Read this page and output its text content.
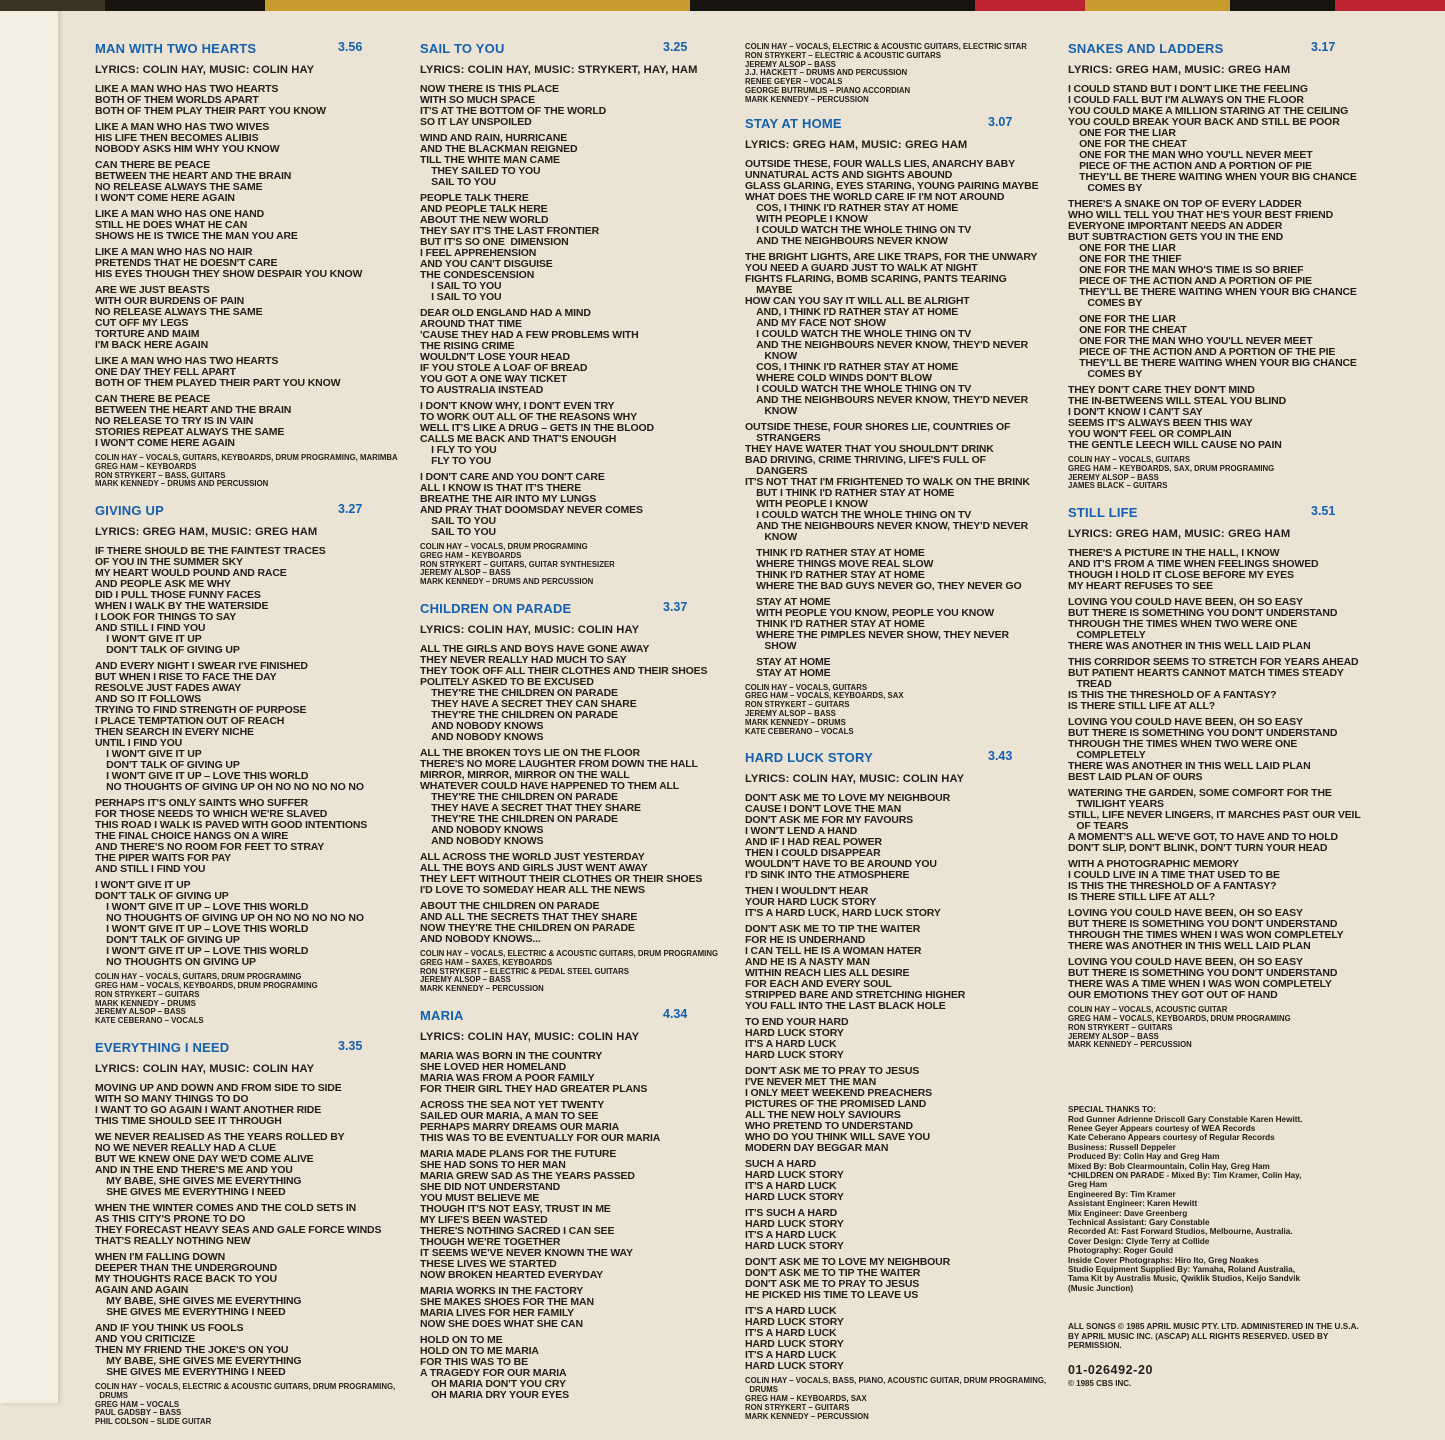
MAN WITH TWO HEARTS	3.56
LYRICS: COLIN HAY, MUSIC: COLIN HAY
LIKE A MAN WHO HAS TWO HEARTS
BOTH OF THEM WORLDS APART
BOTH OF THEM PLAY THEIR PART YOU KNOW
LIKE A MAN WHO HAS TWO WIVES
HIS LIFE THEN BECOMES ALIBIS
NOBODY ASKS HIM WHY YOU KNOW
CAN THERE BE PEACE
BETWEEN THE HEART AND THE BRAIN
NO RELEASE ALWAYS THE SAME
I WON'T COME HERE AGAIN
LIKE A MAN WHO HAS ONE HAND
STILL HE DOES WHAT HE CAN
SHOWS HE IS TWICE THE MAN YOU ARE
LIKE A MAN WHO HAS NO HAIR
PRETENDS THAT HE DOESN'T CARE
HIS EYES THOUGH THEY SHOW DESPAIR YOU KNOW
ARE WE JUST BEASTS
WITH OUR BURDENS OF PAIN
NO RELEASE ALWAYS THE SAME
CUT OFF MY LEGS
TORTURE AND MAIM
I'M BACK HERE AGAIN
LIKE A MAN WHO HAS TWO HEARTS
ONE DAY THEY FELL APART
BOTH OF THEM PLAYED THEIR PART YOU KNOW
CAN THERE BE PEACE
BETWEEN THE HEART AND THE BRAIN
NO RELEASE TO TRY IS IN VAIN
STORIES REPEAT ALWAYS THE SAME
I WON'T COME HERE AGAIN
COLIN HAY – VOCALS, GUITARS, KEYBOARDS, DRUM PROGRAMING, MARIMBA
GREG HAM – KEYBOARDS
RON STRYKERT – BASS, GUITARS
MARK KENNEDY – DRUMS AND PERCUSSION
GIVING UP	3.27
LYRICS: GREG HAM, MUSIC: GREG HAM
IF THERE SHOULD BE THE FAINTEST TRACES
OF YOU IN THE SUMMER SKY
MY HEART WOULD POUND AND RACE
AND PEOPLE ASK ME WHY
DID I PULL THOSE FUNNY FACES
WHEN I WALK BY THE WATERSIDE
I LOOK FOR THINGS TO SAY
AND STILL I FIND YOU
I WON'T GIVE IT UP
DON'T TALK OF GIVING UP
AND EVERY NIGHT I SWEAR I'VE FINISHED
BUT WHEN I RISE TO FACE THE DAY
RESOLVE JUST FADES AWAY
AND SO IT FOLLOWS
TRYING TO FIND STRENGTH OF PURPOSE
I PLACE TEMPTATION OUT OF REACH
THEN SEARCH IN EVERY NICHE
UNTIL I FIND YOU
I WON'T GIVE IT UP
DON'T TALK OF GIVING UP
I WON'T GIVE IT UP – LOVE THIS WORLD
NO THOUGHTS OF GIVING UP OH NO NO NO NO NO
PERHAPS IT'S ONLY SAINTS WHO SUFFER
FOR THOSE NEEDS TO WHICH WE'RE SLAVED
THIS ROAD I WALK IS PAVED WITH GOOD INTENTIONS
THE FINAL CHOICE HANGS ON A WIRE
AND THERE'S NO ROOM FOR FEET TO STRAY
THE PIPER WAITS FOR PAY
AND STILL I FIND YOU
I WON'T GIVE IT UP
DON'T TALK OF GIVING UP
I WON'T GIVE IT UP – LOVE THIS WORLD
NO THOUGHTS OF GIVING UP OH NO NO NO NO NO
I WON'T GIVE IT UP – LOVE THIS WORLD
DON'T TALK OF GIVING UP
I WON'T GIVE IT UP – LOVE THIS WORLD
NO THOUGHTS ON GIVING UP
COLIN HAY – VOCALS, GUITARS, DRUM PROGRAMING
GREG HAM – VOCALS, KEYBOARDS, DRUM PROGRAMING
RON STRYKERT – GUITARS
MARK KENNEDY – DRUMS
JEREMY ALSOP – BASS
KATE CEBERANO – VOCALS
EVERYTHING I NEED	3.35
LYRICS: COLIN HAY, MUSIC: COLIN HAY
MOVING UP AND DOWN AND FROM SIDE TO SIDE
WITH SO MANY THINGS TO DO
I WANT TO GO AGAIN I WANT ANOTHER RIDE
THIS TIME SHOULD SEE IT THROUGH
WE NEVER REALISED AS THE YEARS ROLLED BY
NO WE NEVER REALLY HAD A CLUE
BUT WE KNEW ONE DAY WE'D COME ALIVE
AND IN THE END THERE'S ME AND YOU
MY BABE, SHE GIVES ME EVERYTHING
SHE GIVES ME EVERYTHING I NEED
WHEN THE WINTER COMES AND THE COLD SETS IN
AS THIS CITY'S PRONE TO DO
THEY FORECAST HEAVY SEAS AND GALE FORCE WINDS
THAT'S REALLY NOTHING NEW
WHEN I'M FALLING DOWN
DEEPER THAN THE UNDERGROUND
MY THOUGHTS RACE BACK TO YOU
AGAIN AND AGAIN
MY BABE, SHE GIVES ME EVERYTHING
SHE GIVES ME EVERYTHING I NEED
AND IF YOU THINK US FOOLS
AND YOU CRITICIZE
THEN MY FRIEND THE JOKE'S ON YOU
MY BABE, SHE GIVES ME EVERYTHING
SHE GIVES ME EVERYTHING I NEED
COLIN HAY – VOCALS, ELECTRIC & ACOUSTIC GUITARS, DRUM PROGRAMING,
DRUMS
GREG HAM – VOCALS
PAUL GADSBY – BASS
PHIL COLSON – SLIDE GUITAR
SAIL TO YOU	3.25
LYRICS: COLIN HAY, MUSIC: STRYKERT, HAY, HAM
NOW THERE IS THIS PLACE
WITH SO MUCH SPACE
IT'S AT THE BOTTOM OF THE WORLD
SO IT LAY UNSPOILED
WIND AND RAIN, HURRICANE
AND THE BLACKMAN REIGNED
TILL THE WHITE MAN CAME
THEY SAILED TO YOU
SAIL TO YOU
PEOPLE TALK THERE
AND PEOPLE TALK HERE
ABOUT THE NEW WORLD
THEY SAY IT'S THE LAST FRONTIER
BUT IT'S SO ONE  DIMENSION
I FEEL APPREHENSION
AND YOU CAN'T DISGUISE
THE CONDESCENSION
I SAIL TO YOU
I SAIL TO YOU
DEAR OLD ENGLAND HAD A MIND
AROUND THAT TIME
'CAUSE THEY HAD A FEW PROBLEMS WITH
THE RISING CRIME
WOULDN'T LOSE YOUR HEAD
IF YOU STOLE A LOAF OF BREAD
YOU GOT A ONE WAY TICKET
TO AUSTRALIA INSTEAD
I DON'T KNOW WHY, I DON'T EVEN TRY
TO WORK OUT ALL OF THE REASONS WHY
WELL IT'S LIKE A DRUG – GETS IN THE BLOOD
CALLS ME BACK AND THAT'S ENOUGH
I FLY TO YOU
FLY TO YOU
I DON'T CARE AND YOU DON'T CARE
ALL I KNOW IS THAT IT'S THERE
BREATHE THE AIR INTO MY LUNGS
AND PRAY THAT DOOMSDAY NEVER COMES
SAIL TO YOU
SAIL TO YOU
COLIN HAY – VOCALS, DRUM PROGRAMING
GREG HAM – KEYBOARDS
RON STRYKERT – GUITARS, GUITAR SYNTHESIZER
JEREMY ALSOP – BASS
MARK KENNEDY – DRUMS AND PERCUSSION
CHILDREN ON PARADE	3.37
LYRICS: COLIN HAY, MUSIC: COLIN HAY
ALL THE GIRLS AND BOYS HAVE GONE AWAY
THEY NEVER REALLY HAD MUCH TO SAY
THEY TOOK OFF ALL THEIR CLOTHES AND THEIR SHOES
POLITELY ASKED TO BE EXCUSED
THEY'RE THE CHILDREN ON PARADE
THEY HAVE A SECRET THEY CAN SHARE
THEY'RE THE CHILDREN ON PARADE
AND NOBODY KNOWS
AND NOBODY KNOWS
ALL THE BROKEN TOYS LIE ON THE FLOOR
THERE'S NO MORE LAUGHTER FROM DOWN THE HALL
MIRROR, MIRROR, MIRROR ON THE WALL
WHATEVER COULD HAVE HAPPENED TO THEM ALL
THEY'RE THE CHILDREN ON PARADE
THEY HAVE A SECRET THAT THEY SHARE
THEY'RE THE CHILDREN ON PARADE
AND NOBODY KNOWS
AND NOBODY KNOWS
ALL ACROSS THE WORLD JUST YESTERDAY
ALL THE BOYS AND GIRLS JUST WENT AWAY
THEY LEFT WITHOUT THEIR CLOTHES OR THEIR SHOES
I'D LOVE TO SOMEDAY HEAR ALL THE NEWS
ABOUT THE CHILDREN ON PARADE
AND ALL THE SECRETS THAT THEY SHARE
NOW THEY'RE THE CHILDREN ON PARADE
AND NOBODY KNOWS...
COLIN HAY – VOCALS, ELECTRIC & ACOUSTIC GUITARS, DRUM PROGRAMING
GREG HAM – SAXES, KEYBOARDS
RON STRYKERT – ELECTRIC & PEDAL STEEL GUITARS
JEREMY ALSOP – BASS
MARK KENNEDY – PERCUSSION
MARIA	4.34
LYRICS: COLIN HAY, MUSIC: COLIN HAY
MARIA WAS BORN IN THE COUNTRY
SHE LOVED HER HOMELAND
MARIA WAS FROM A POOR FAMILY
FOR THEIR GIRL THEY HAD GREATER PLANS
ACROSS THE SEA NOT YET TWENTY
SAILED OUR MARIA, A MAN TO SEE
PERHAPS MARRY DREAMS OUR MARIA
THIS WAS TO BE EVENTUALLY FOR OUR MARIA
MARIA MADE PLANS FOR THE FUTURE
SHE HAD SONS TO HER MAN
MARIA GREW SAD AS THE YEARS PASSED
SHE DID NOT UNDERSTAND
YOU MUST BELIEVE ME
THOUGH IT'S NOT EASY, TRUST IN ME
MY LIFE'S BEEN WASTED
THERE'S NOTHING SACRED I CAN SEE
THOUGH WE'RE TOGETHER
IT SEEMS WE'VE NEVER KNOWN THE WAY
THESE LIVES WE STARTED
NOW BROKEN HEARTED EVERYDAY
MARIA WORKS IN THE FACTORY
SHE MAKES SHOES FOR THE MAN
MARIA LIVES FOR HER FAMILY
NOW SHE DOES WHAT SHE CAN
HOLD ON TO ME
HOLD ON TO ME MARIA
FOR THIS WAS TO BE
A TRAGEDY FOR OUR MARIA
OH MARIA DON'T YOU CRY
OH MARIA DRY YOUR EYES
COLIN HAY – VOCALS, ELECTRIC & ACOUSTIC GUITARS, ELECTRIC SITAR
RON STRYKERT – ELECTRIC & ACOUSTIC GUITARS
JEREMY ALSOP – BASS
J.J. HACKETT – DRUMS AND PERCUSSION
RENEE GEYER – VOCALS
GEORGE BUTRUMLIS – PIANO ACCORDIAN
MARK KENNEDY – PERCUSSION
STAY AT HOME	3.07
LYRICS: GREG HAM, MUSIC: GREG HAM
OUTSIDE THESE, FOUR WALLS LIES, ANARCHY BABY
UNNATURAL ACTS AND SIGHTS ABOUND
GLASS GLARING, EYES STARING, YOUNG PAIRING MAYBE
WHAT DOES THE WORLD CARE IF I'M NOT AROUND
COS, I THINK I'D RATHER STAY AT HOME
WITH PEOPLE I KNOW
I COULD WATCH THE WHOLE THING ON TV
AND THE NEIGHBOURS NEVER KNOW
THE BRIGHT LIGHTS, ARE LIKE TRAPS, FOR THE UNWARY
YOU NEED A GUARD JUST TO WALK AT NIGHT
FIGHTS FLARING, BOMB SCARING, PANTS TEARING
MAYBE
HOW CAN YOU SAY IT WILL ALL BE ALRIGHT
AND, I THINK I'D RATHER STAY AT HOME
AND MY FACE NOT SHOW
I COULD WATCH THE WHOLE THING ON TV
AND THE NEIGHBOURS NEVER KNOW, THEY'D NEVER
KNOW
COS, I THINK I'D RATHER STAY AT HOME
WHERE COLD WINDS DON'T BLOW
I COULD WATCH THE WHOLE THING ON TV
AND THE NEIGHBOURS NEVER KNOW, THEY'D NEVER
KNOW
OUTSIDE THESE, FOUR SHORES LIE, COUNTRIES OF
STRANGERS
THEY HAVE WATER THAT YOU SHOULDN'T DRINK
BAD DRIVING, CRIME THRIVING, LIFE'S FULL OF
DANGERS
IT'S NOT THAT I'M FRIGHTENED TO WALK ON THE BRINK
BUT I THINK I'D RATHER STAY AT HOME
WITH PEOPLE I KNOW
I COULD WATCH THE WHOLE THING ON TV
AND THE NEIGHBOURS NEVER KNOW, THEY'D NEVER
KNOW
THINK I'D RATHER STAY AT HOME
WHERE THINGS MOVE REAL SLOW
THINK I'D RATHER STAY AT HOME
WHERE THE BAD GUYS NEVER GO, THEY NEVER GO
STAY AT HOME
WITH PEOPLE YOU KNOW, PEOPLE YOU KNOW
THINK I'D RATHER STAY AT HOME
WHERE THE PIMPLES NEVER SHOW, THEY NEVER
SHOW
STAY AT HOME
STAY AT HOME
COLIN HAY – VOCALS, GUITARS
GREG HAM – VOCALS, KEYBOARDS, SAX
RON STRYKERT – GUITARS
JEREMY ALSOP – BASS
MARK KENNEDY – DRUMS
KATE CEBERANO – VOCALS
HARD LUCK STORY	3.43
LYRICS: COLIN HAY, MUSIC: COLIN HAY
DON'T ASK ME TO LOVE MY NEIGHBOUR
CAUSE I DON'T LOVE THE MAN
DON'T ASK ME FOR MY FAVOURS
I WON'T LEND A HAND
AND IF I HAD REAL POWER
THEN I COULD DISAPPEAR
WOULDN'T HAVE TO BE AROUND YOU
I'D SINK INTO THE ATMOSPHERE
THEN I WOULDN'T HEAR
YOUR HARD LUCK STORY
IT'S A HARD LUCK, HARD LUCK STORY
DON'T ASK ME TO TIP THE WAITER
FOR HE IS UNDERHAND
I CAN TELL HE IS A WOMAN HATER
AND HE IS A NASTY MAN
WITHIN REACH LIES ALL DESIRE
FOR EACH AND EVERY SOUL
STRIPPED BARE AND STRETCHING HIGHER
YOU FALL INTO THE LAST BLACK HOLE
TO END YOUR HARD
HARD LUCK STORY
IT'S A HARD LUCK
HARD LUCK STORY
DON'T ASK ME TO PRAY TO JESUS
I'VE NEVER MET THE MAN
I ONLY MEET WEEKEND PREACHERS
PICTURES OF THE PROMISED LAND
ALL THE NEW HOLY SAVIOURS
WHO PRETEND TO UNDERSTAND
WHO DO YOU THINK WILL SAVE YOU
MODERN DAY BEGGAR MAN
SUCH A HARD
HARD LUCK STORY
IT'S A HARD LUCK
HARD LUCK STORY
IT'S SUCH A HARD
HARD LUCK STORY
IT'S A HARD LUCK
HARD LUCK STORY
DON'T ASK ME TO LOVE MY NEIGHBOUR
DON'T ASK ME TO TIP THE WAITER
DON'T ASK ME TO PRAY TO JESUS
HE PICKED HIS TIME TO LEAVE US
IT'S A HARD LUCK
HARD LUCK STORY
IT'S A HARD LUCK
HARD LUCK STORY
IT'S A HARD LUCK
HARD LUCK STORY
COLIN HAY – VOCALS, BASS, PIANO, ACOUSTIC GUITAR, DRUM PROGRAMING,
DRUMS
GREG HAM – KEYBOARDS, SAX
RON STRYKERT – GUITARS
MARK KENNEDY – PERCUSSION
SNAKES AND LADDERS	3.17
LYRICS: GREG HAM, MUSIC: GREG HAM
I COULD STAND BUT I DON'T LIKE THE FEELING
I COULD FALL BUT I'M ALWAYS ON THE FLOOR
YOU COULD MAKE A MILLION STARING AT THE CEILING
YOU COULD BREAK YOUR BACK AND STILL BE POOR
ONE FOR THE LIAR
ONE FOR THE CHEAT
ONE FOR THE MAN WHO YOU'LL NEVER MEET
PIECE OF THE ACTION AND A PORTION OF PIE
THEY'LL BE THERE WAITING WHEN YOUR BIG CHANCE
COMES BY
THERE'S A SNAKE ON TOP OF EVERY LADDER
WHO WILL TELL YOU THAT HE'S YOUR BEST FRIEND
EVERYONE IMPORTANT NEEDS AN ADDER
BUT SUBTRACTION GETS YOU IN THE END
ONE FOR THE LIAR
ONE FOR THE THIEF
ONE FOR THE MAN WHO'S TIME IS SO BRIEF
PIECE OF THE ACTION AND A PORTION OF PIE
THEY'LL BE THERE WAITING WHEN YOUR BIG CHANCE
COMES BY
ONE FOR THE LIAR
ONE FOR THE CHEAT
ONE FOR THE MAN WHO YOU'LL NEVER MEET
PIECE OF THE ACTION AND A PORTION OF THE PIE
THEY'LL BE THERE WAITING WHEN YOUR BIG CHANCE
COMES BY
THEY DON'T CARE THEY DON'T MIND
THE IN-BETWEENS WILL STEAL YOU BLIND
I DON'T KNOW I CAN'T SAY
SEEMS IT'S ALWAYS BEEN THIS WAY
YOU WON'T FEEL OR COMPLAIN
THE GENTLE LEECH WILL CAUSE NO PAIN
COLIN HAY – VOCALS, GUITARS
GREG HAM – KEYBOARDS, SAX, DRUM PROGRAMING
JEREMY ALSOP – BASS
JAMES BLACK – GUITARS
STILL LIFE	3.51
LYRICS: GREG HAM, MUSIC: GREG HAM
THERE'S A PICTURE IN THE HALL, I KNOW
AND IT'S FROM A TIME WHEN FEELINGS SHOWED
THOUGH I HOLD IT CLOSE BEFORE MY EYES
MY HEART REFUSES TO SEE
LOVING YOU COULD HAVE BEEN, OH SO EASY
BUT THERE IS SOMETHING YOU DON'T UNDERSTAND
THROUGH THE TIMES WHEN TWO WERE ONE
COMPLETELY
THERE WAS ANOTHER IN THIS WELL LAID PLAN
THIS CORRIDOR SEEMS TO STRETCH FOR YEARS AHEAD
BUT PATIENT HEARTS CANNOT MATCH TIMES STEADY
TREAD
IS THIS THE THRESHOLD OF A FANTASY?
IS THERE STILL LIFE AT ALL?
LOVING YOU COULD HAVE BEEN, OH SO EASY
BUT THERE IS SOMETHING YOU DON'T UNDERSTAND
THROUGH THE TIMES WHEN TWO WERE ONE
COMPLETELY
THERE WAS ANOTHER IN THIS WELL LAID PLAN
BEST LAID PLAN OF OURS
WATERING THE GARDEN, SOME COMFORT FOR THE
TWILIGHT YEARS
STILL, LIFE NEVER LINGERS, IT MARCHES PAST OUR VEIL
OF TEARS
A MOMENT'S ALL WE'VE GOT, TO HAVE AND TO HOLD
DON'T SLIP, DON'T BLINK, DON'T TURN YOUR HEAD
WITH A PHOTOGRAPHIC MEMORY
I COULD LIVE IN A TIME THAT USED TO BE
IS THIS THE THRESHOLD OF A FANTASY?
IS THERE STILL LIFE AT ALL?
LOVING YOU COULD HAVE BEEN, OH SO EASY
BUT THERE IS SOMETHING YOU DON'T UNDERSTAND
THROUGH THE TIMES WHEN I WAS WON COMPLETELY
THERE WAS ANOTHER IN THIS WELL LAID PLAN
LOVING YOU COULD HAVE BEEN, OH SO EASY
BUT THERE IS SOMETHING YOU DON'T UNDERSTAND
THERE WAS A TIME WHEN I WAS WON COMPLETELY
OUR EMOTIONS THEY GOT OUT OF HAND
COLIN HAY – VOCALS, ACOUSTIC GUITAR
GREG HAM – VOCALS, KEYBOARDS, DRUM PROGRAMING
RON STRYKERT – GUITARS
JEREMY ALSOP – BASS
MARK KENNEDY – PERCUSSION
SPECIAL THANKS TO:
Rod Gunner Adrienne Driscoll Gary Constable Karen Hewitt.
Renee Geyer Appears courtesy of WEA Records
Kate Ceberano Appears courtesy of Regular Records
Business: Russell Deppeler
Produced By: Colin Hay and Greg Ham
Mixed By: Bob Clearmountain, Colin Hay, Greg Ham
*CHILDREN ON PARADE - Mixed By: Tim Kramer, Colin Hay,
Greg Ham
Engineered By: Tim Kramer
Assistant Engineer: Karen Hewitt
Mix Engineer: Dave Greenberg
Technical Assistant: Gary Constable
Recorded At: Fast Forward Studios, Melbourne, Australia.
Cover Design: Clyde Terry at Collide
Photography: Roger Gould
Inside Cover Photographs: Hiro Ito, Greg Noakes
Studio Equipment Supplied By: Yamaha, Roland Australia,
Tama Kit by Australis Music, Qwiklik Studios, Keijo Sandvik
(Music Junction)
ALL SONGS © 1985 APRIL MUSIC PTY. LTD. ADMINISTERED IN THE U.S.A.
BY APRIL MUSIC INC. (ASCAP) ALL RIGHTS RESERVED. USED BY
PERMISSION.
01-026492-20
© 1985 CBS INC.
